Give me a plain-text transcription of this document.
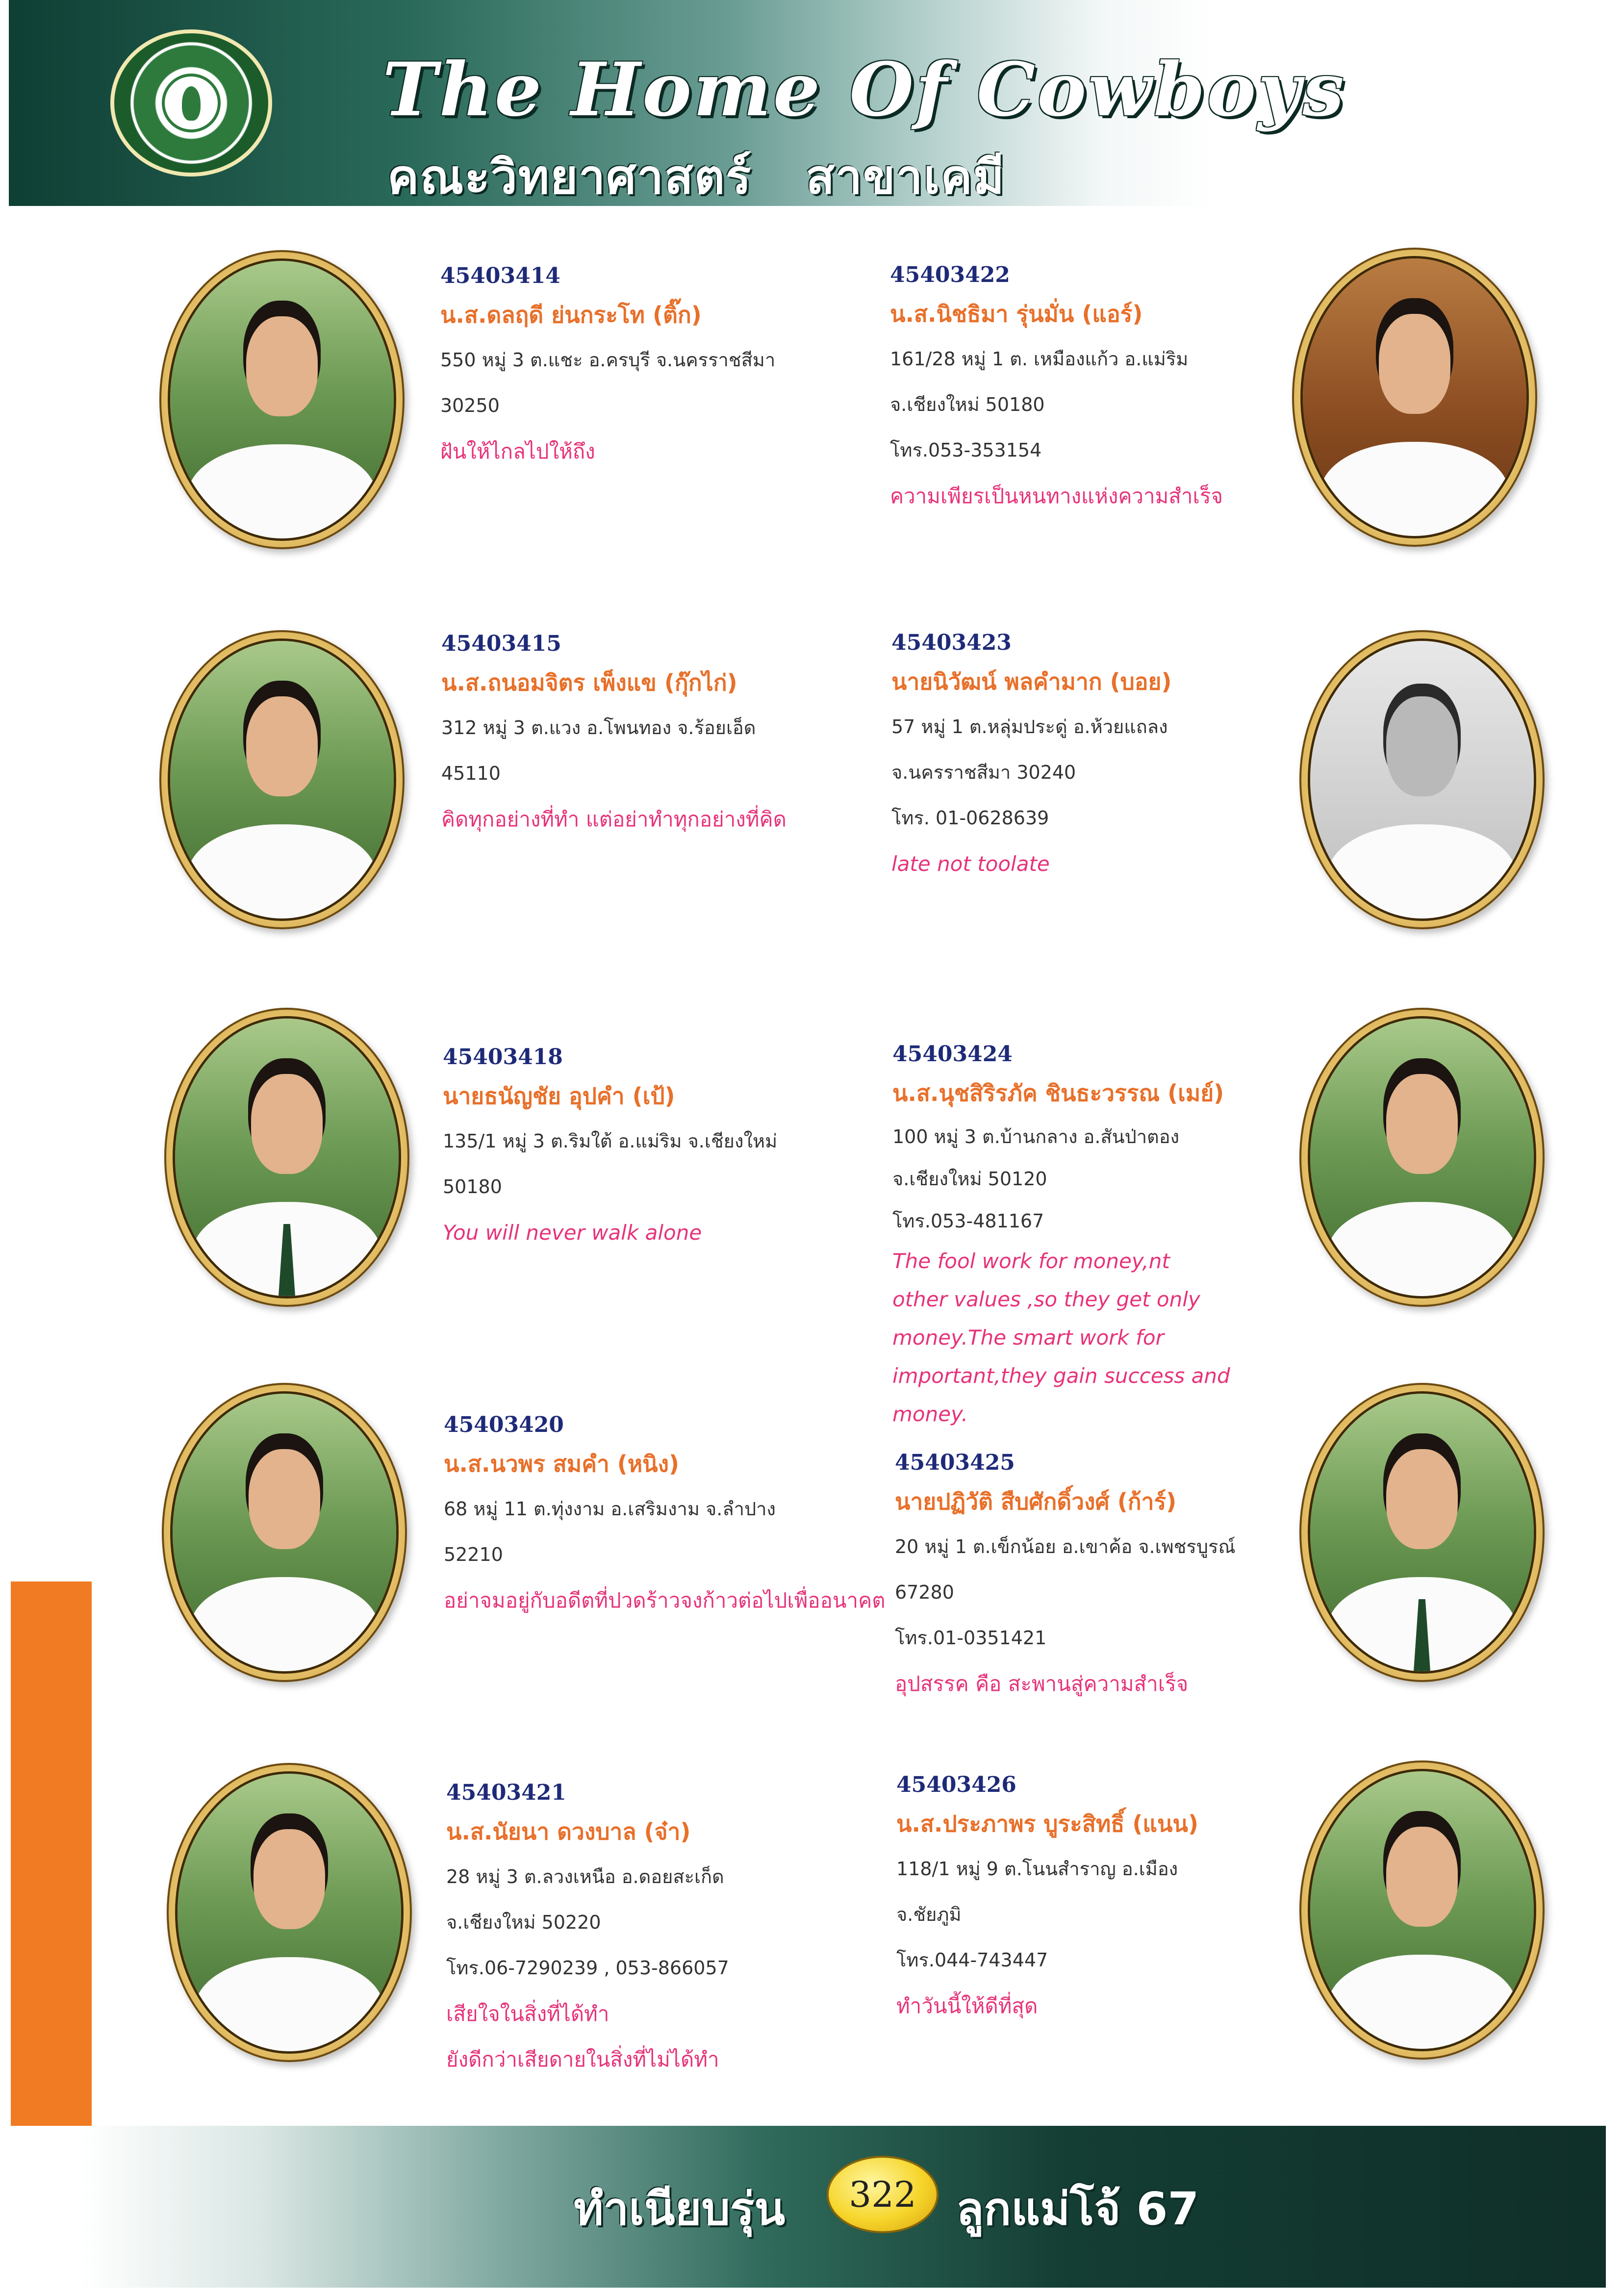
The Home Of Cowboys
คณะวิทยาศาสตร์ สาขาเคมี
45403414
น.ส.ดลฤดี ย่นกระโท (ติ๊ก)
550 หมู่ 3 ต.แชะ อ.ครบุรี จ.นครราชสีมา
30250
ฝันให้ไกลไปให้ถึง
45403422
น.ส.นิชธิมา รุ่นมั่น (แอร์)
161/28 หมู่ 1 ต. เหมืองแก้ว อ.แม่ริม
จ.เชียงใหม่ 50180
โทร.053-353154
ความเพียรเป็นหนทางแห่งความสำเร็จ
45403415
น.ส.ถนอมจิตร เพ็งแข (กุ๊กไก่)
312 หมู่ 3 ต.แวง อ.โพนทอง จ.ร้อยเอ็ด
45110
คิดทุกอย่างที่ทำ แต่อย่าทำทุกอย่างที่คิด
45403423
นายนิวัฒน์ พลคำมาก (บอย)
57 หมู่ 1 ต.หลุ่มประดู่ อ.ห้วยแถลง
จ.นครราชสีมา 30240
โทร. 01-0628639
late not toolate
45403418
นายธนัญชัย อุปคำ (เป้)
135/1 หมู่ 3 ต.ริมใต้ อ.แม่ริม จ.เชียงใหม่
50180
You will never walk alone
45403424
น.ส.นุชสิริรภัค ชินธะวรรณ (เมย์)
100 หมู่ 3 ต.บ้านกลาง อ.สันป่าตอง
จ.เชียงใหม่ 50120
โทร.053-481167
The fool work for money,nt
other values ,so they get only
money.The smart work for
important,they gain success and
money.
45403420
น.ส.นวพร สมคำ (หนิง)
68 หมู่ 11 ต.ทุ่งงาม อ.เสริมงาม จ.ลำปาง
52210
อย่าจมอยู่กับอดีตที่ปวดร้าวจงก้าวต่อไปเพื่ออนาคต
45403425
นายปฏิวัติ สืบศักดิ์วงศ์ (ก้าร์)
20 หมู่ 1 ต.เข็กน้อย อ.เขาค้อ จ.เพชรบูรณ์
67280
โทร.01-0351421
อุปสรรค คือ สะพานสู่ความสำเร็จ
45403421
น.ส.นัยนา ดวงบาล (จ๋า)
28 หมู่ 3 ต.ลวงเหนือ อ.ดอยสะเก็ด
จ.เชียงใหม่ 50220
โทร.06-7290239 , 053-866057
เสียใจในสิ่งที่ได้ทำ
ยังดีกว่าเสียดายในสิ่งที่ไม่ได้ทำ
45403426
น.ส.ประภาพร บูระสิทธิ์ (แนน)
118/1 หมู่ 9 ต.โนนสำราญ อ.เมือง
จ.ชัยภูมิ
โทร.044-743447
ทำวันนี้ให้ดีที่สุด
ทำเนียบรุ่น 322 ลูกแม่โจ้ 67
